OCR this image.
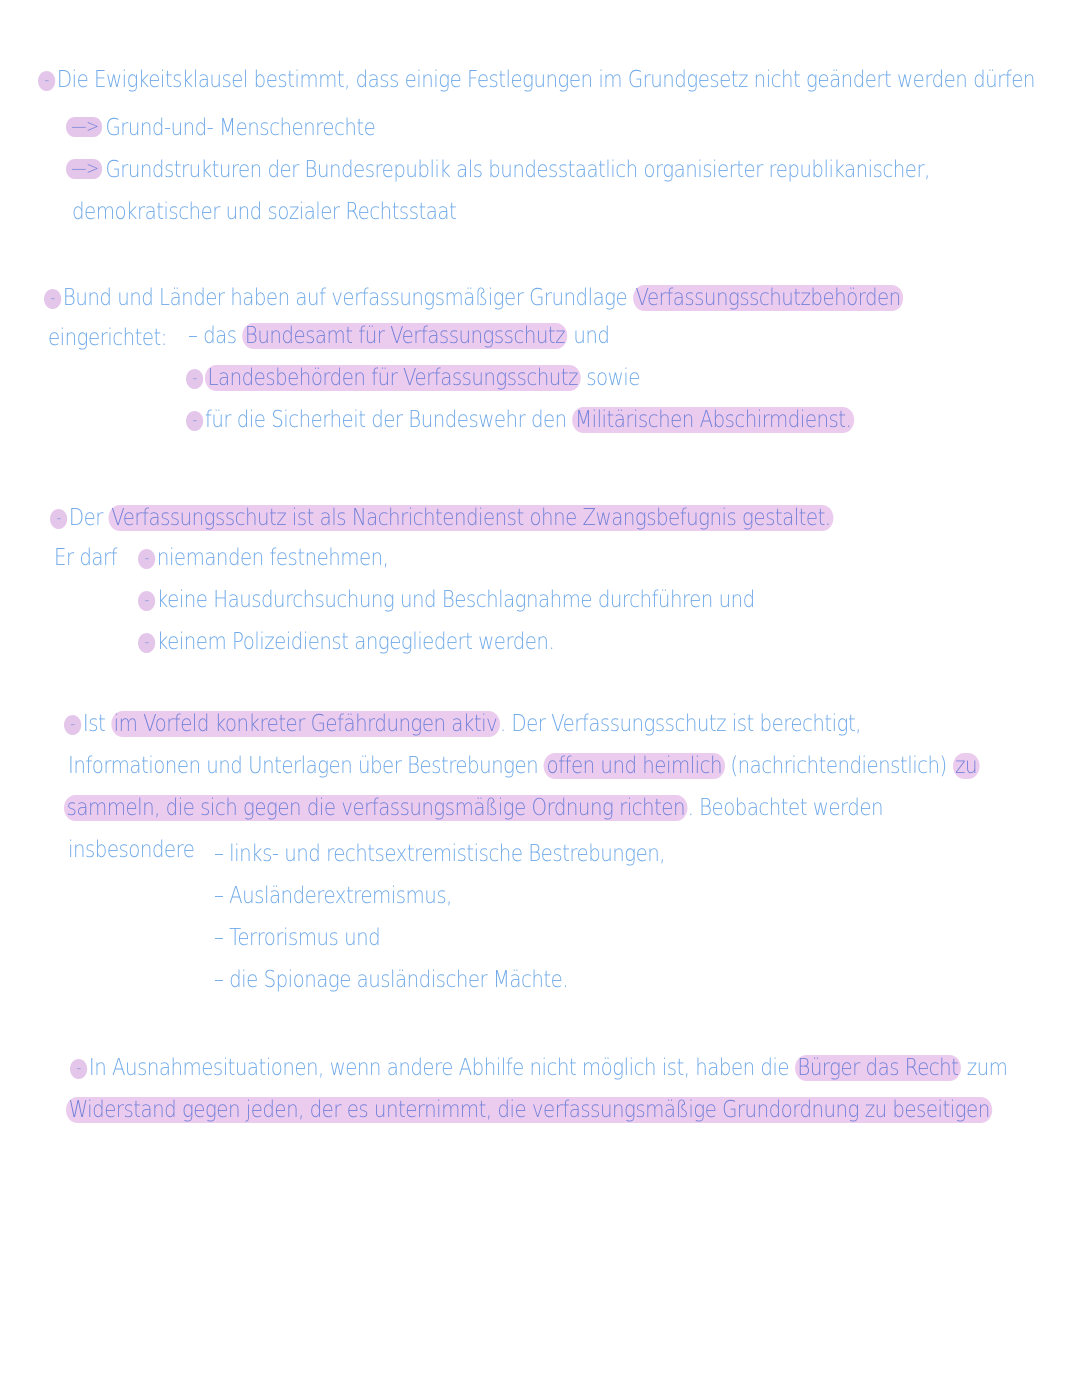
- Die Ewigkeitsklausel bestimmt, dass einige Festlegungen im Grundgesetz nicht geändert werden dürfen
—> Grund-und- Menschenrechte
—> Grundstrukturen der Bundesrepublik als bundesstaatlich organisierter republikanischer,
demokratischer und sozialer Rechtsstaat
- Bund und Länder haben auf verfassungsmäßiger Grundlage Verfassungsschutzbehörden
eingerichtet: – das Bundesamt für Verfassungsschutz und
- Landesbehörden für Verfassungsschutz sowie
- für die Sicherheit der Bundeswehr den Militärischen Abschirmdienst.
- Der Verfassungsschutz ist als Nachrichtendienst ohne Zwangsbefugnis gestaltet.
Er darf	- niemanden festnehmen,
- keine Hausdurchsuchung und Beschlagnahme durchführen und
- keinem Polizeidienst angegliedert werden.
- Ist im Vorfeld konkreter Gefährdungen aktiv . Der Verfassungsschutz ist berechtigt,
Informationen und Unterlagen über Bestrebungen offen und heimlich (nachrichtendienstlich) zu
sammeln, die sich gegen die verfassungsmäßige Ordnung richten . Beobachtet werden
insbesondere – links- und rechtsextremistische Bestrebungen,
– Ausländerextremismus,
– Terrorismus und
– die Spionage ausländischer Mächte.
- In Ausnahmesituationen, wenn andere Abhilfe nicht möglich ist, haben die Bürger das Recht zum
Widerstand gegen jeden, der es unternimmt, die verfassungsmäßige Grundordnung zu beseitigen
